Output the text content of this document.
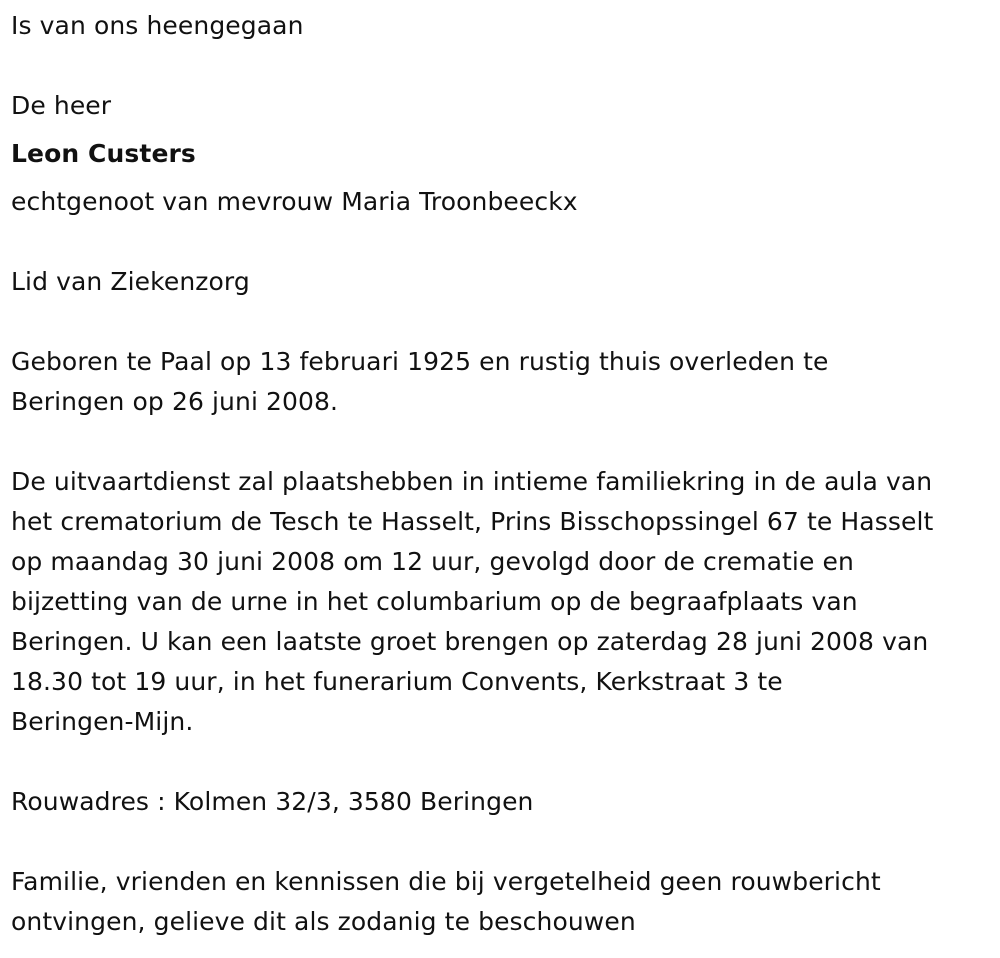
Is van ons heengegaan
De heer
Leon Custers
echtgenoot van mevrouw Maria Troonbeeckx
Lid van Ziekenzorg
Geboren te Paal op 13 februari 1925 en rustig thuis overleden te
Beringen op 26 juni 2008.
De uitvaartdienst zal plaatshebben in intieme familiekring in de aula van
het crematorium de Tesch te Hasselt, Prins Bisschopssingel 67 te Hasselt
op maandag 30 juni 2008 om 12 uur, gevolgd door de crematie en
bijzetting van de urne in het columbarium op de begraafplaats van
Beringen. U kan een laatste groet brengen op zaterdag 28 juni 2008 van
18.30 tot 19 uur, in het funerarium Convents, Kerkstraat 3 te
Beringen-Mijn.
Rouwadres : Kolmen 32/3, 3580 Beringen
Familie, vrienden en kennissen die bij vergetelheid geen rouwbericht
ontvingen, gelieve dit als zodanig te beschouwen
